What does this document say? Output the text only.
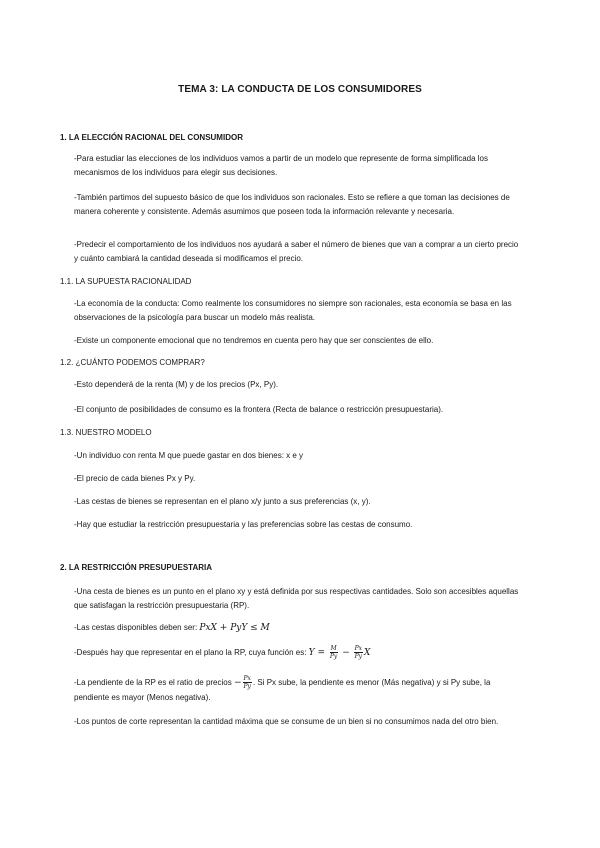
TEMA 3: LA CONDUCTA DE LOS CONSUMIDORES
1. LA ELECCIÓN RACIONAL DEL CONSUMIDOR
-Para estudiar las elecciones de los individuos vamos a partir de un modelo que represente de forma simplificada los mecanismos de los individuos para elegir sus decisiones.
-También partimos del supuesto básico de que los individuos son racionales. Esto se refiere a que toman las decisiones de manera coherente y consistente. Además asumimos que poseen toda la información relevante y necesaria.
-Predecir el comportamiento de los individuos nos ayudará a saber el número de bienes que van a comprar a un cierto precio y cuánto cambiará la cantidad deseada si modificamos el precio.
1.1. LA SUPUESTA RACIONALIDAD
-La economía de la conducta: Como realmente los consumidores no siempre son racionales, esta economía se basa en las observaciones de la psicología para buscar un modelo más realista.
-Existe un componente emocional que no tendremos en cuenta pero hay que ser conscientes de ello.
1.2. ¿CUÁNTO PODEMOS COMPRAR?
-Esto dependerá de la renta (M) y de los precios (Px, Py).
-El conjunto de posibilidades de consumo es la frontera (Recta de balance o restricción presupuestaria).
1.3. NUESTRO MODELO
-Un individuo con renta M que puede gastar en dos bienes: x e y
-El precio de cada bienes Px y Py.
-Las cestas de bienes se representan en el plano x/y junto a sus preferencias (x, y).
-Hay que estudiar la restricción presupuestaria y las preferencias sobre las cestas de consumo.
2. LA RESTRICCIÓN PRESUPUESTARIA
-Una cesta de bienes es un punto en el plano xy y está definida por sus respectivas cantidades. Solo son accesibles aquellas que satisfagan la restricción presupuestaria (RP).
-Las cestas disponibles deben ser: PxX + PyY ≤ M
-Después hay que representar en el plano la RP, cuya función es: $Y = \frac{M}{Py} - \frac{Px}{Py}$ X
-La pendiente de la RP es el ratio de precios − $\frac{Px}{Py}$ . Si Px sube, la pendiente es menor (Más negativa) y si Py sube, la pendiente es mayor (Menos negativa).
-Los puntos de corte representan la cantidad máxima que se consume de un bien si no consumimos nada del otro bien.
